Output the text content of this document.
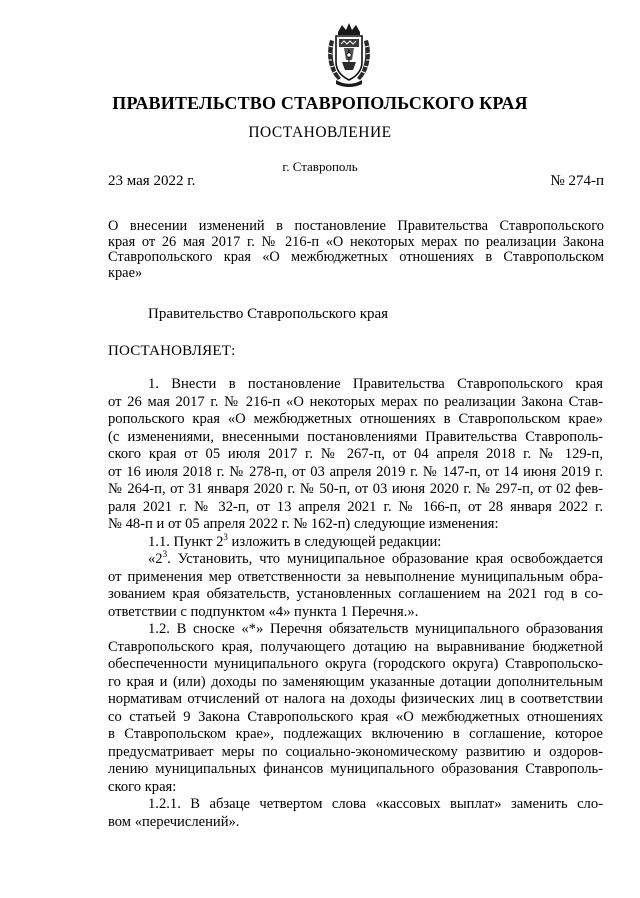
ПРАВИТЕЛЬСТВО СТАВРОПОЛЬСКОГО КРАЯ
ПОСТАНОВЛЕНИЕ
г. Ставрополь
23 мая 2022 г.	№ 274-п
О внесении изменений в постановление Правительства Ставропольского
края от 26 мая 2017 г. № 216-п «О некоторых мерах по реализации Закона
Ставропольского края «О межбюджетных отношениях в Ставропольском
крае»
Правительство Ставропольского края
ПОСТАНОВЛЯЕТ:
1. Внести в постановление Правительства Ставропольского края
от 26 мая 2017 г. № 216-п «О некоторых мерах по реализации Закона Став-
ропольского края «О межбюджетных отношениях в Ставропольском крае»
(с изменениями, внесенными постановлениями Правительства Ставрополь-
ского края от 05 июля 2017 г. № 267-п, от 04 апреля 2018 г. № 129-п,
от 16 июля 2018 г. № 278-п, от 03 апреля 2019 г. № 147-п, от 14 июня 2019 г.
№ 264-п, от 31 января 2020 г. № 50-п, от 03 июня 2020 г. № 297-п, от 02 фев-
раля 2021 г. № 32-п, от 13 апреля 2021 г. № 166-п, от 28 января 2022 г.
№ 48-п и от 05 апреля 2022 г. № 162-п) следующие изменения:
1.1. Пункт $2^3$ изложить в следующей редакции:
«$2^3$. Установить, что муниципальное образование края освобождается
от применения мер ответственности за невыполнение муниципальным обра-
зованием края обязательств, установленных соглашением на 2021 год в со-
ответствии с подпунктом «4» пункта 1 Перечня.».
1.2. В сноске «*» Перечня обязательств муниципального образования
Ставропольского края, получающего дотацию на выравнивание бюджетной
обеспеченности муниципального округа (городского округа) Ставропольско-
го края и (или) доходы по заменяющим указанные дотации дополнительным
нормативам отчислений от налога на доходы физических лиц в соответствии
со статьей 9 Закона Ставропольского края «О межбюджетных отношениях
в Ставропольском крае», подлежащих включению в соглашение, которое
предусматривает меры по социально-экономическому развитию и оздоров-
лению муниципальных финансов муниципального образования Ставрополь-
ского края:
1.2.1. В абзаце четвертом слова «кассовых выплат» заменить сло-
вом «перечислений».
